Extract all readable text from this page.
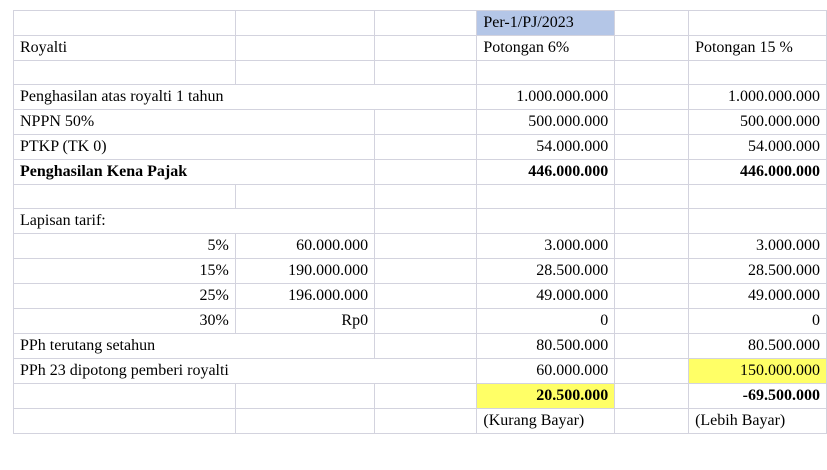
			Per-1/PJ/2023		
Royalti			Potongan 6%		Potongan 15 %

Penghasilan atas royalti 1 tahun			1.000.000.000		1.000.000.000
NPPN 50%			500.000.000		500.000.000
PTKP (TK 0)			54.000.000		54.000.000
Penghasilan Kena Pajak			446.000.000		446.000.000

Lapisan tarif:					
5%	60.000.000		3.000.000		3.000.000
15%	190.000.000		28.500.000		28.500.000
25%	196.000.000		49.000.000		49.000.000
30%	Rp0		0		0
PPh terutang setahun			80.500.000		80.500.000
PPh 23 dipotong pemberi royalti			60.000.000		150.000.000
			20.500.000		-69.500.000
			(Kurang Bayar)		(Lebih Bayar)
